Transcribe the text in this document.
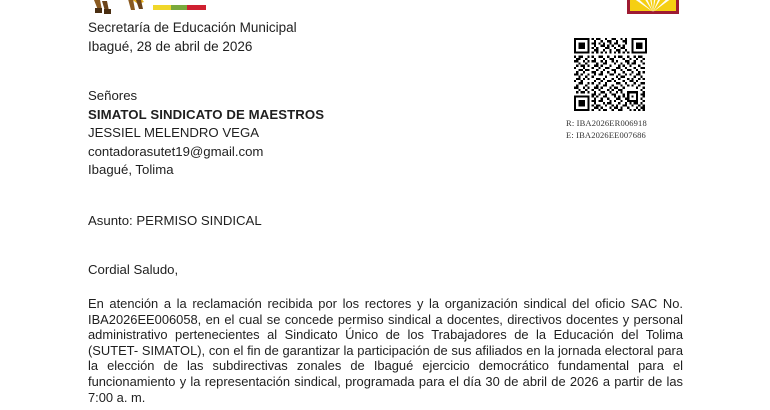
Secretaría de Educación Municipal
Ibagué, 28 de abril de 2026
R: IBA2026ER006918
E: IBA2026EE007686
Señores
SIMATOL SINDICATO DE MAESTROS
JESSIEL MELENDRO VEGA
contadorasutet19@gmail.com
Ibagué, Tolima
Asunto: PERMISO SINDICAL
Cordial Saludo,
En atención a la reclamación recibida por los rectores y la organización sindical del oficio SAC No. IBA2026EE006058, en el cual se concede permiso sindical a docentes, directivos docentes y personal administrativo pertenecientes al Sindicato Único de los Trabajadores de la Educación del Tolima (SUTET- SIMATOL), con el fin de garantizar la participación de sus afiliados en la jornada electoral para la elección de las subdirectivas zonales de Ibagué ejercicio democrático fundamental para el funcionamiento y la representación sindical, programada para el día 30 de abril de 2026 a partir de las 7:00 a. m.
